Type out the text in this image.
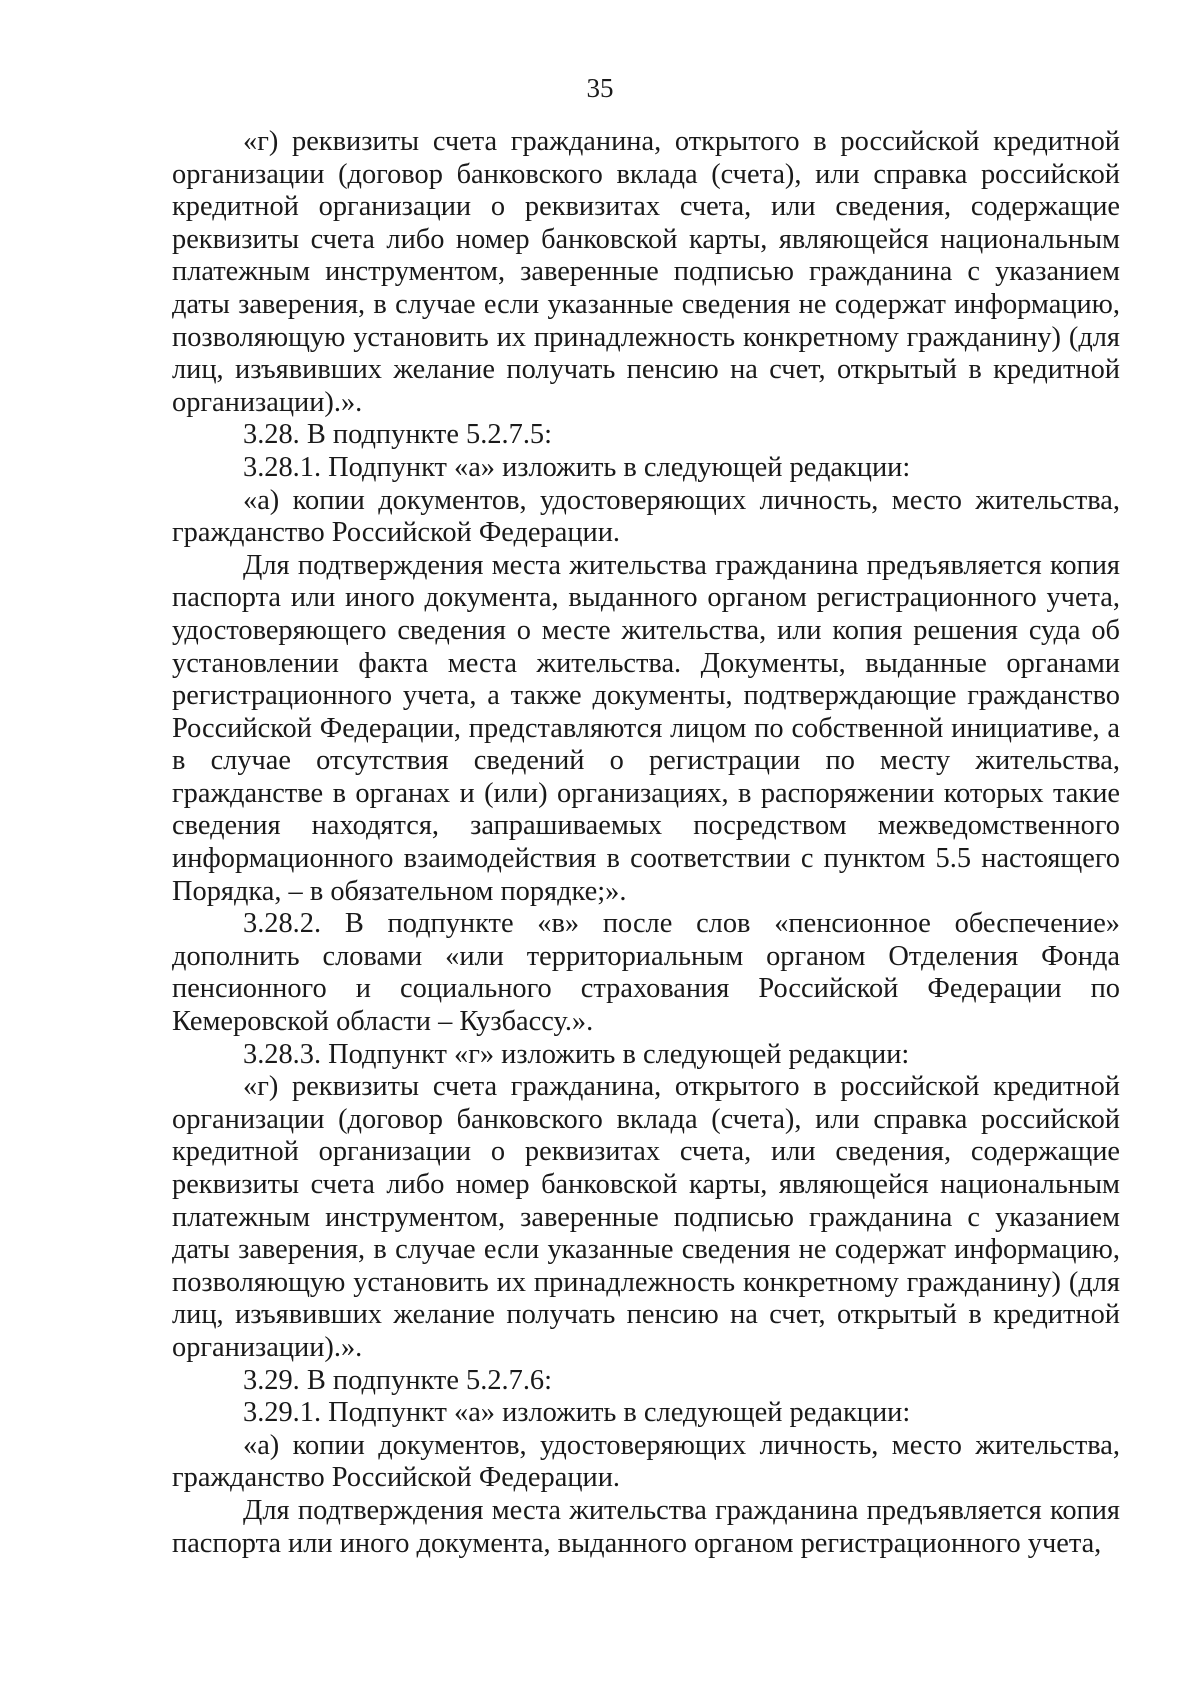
35

«г) реквизиты счета гражданина, открытого в российской кредитной организации (договор банковского вклада (счета), или справка российской кредитной организации о реквизитах счета, или сведения, содержащие реквизиты счета либо номер банковской карты, являющейся национальным платежным инструментом, заверенные подписью гражданина с указанием даты заверения, в случае если указанные сведения не содержат информацию, позволяющую установить их принадлежность конкретному гражданину) (для лиц, изъявивших желание получать пенсию на счет, открытый в кредитной организации).».

3.28. В подпункте 5.2.7.5:

3.28.1. Подпункт «а» изложить в следующей редакции:

«а) копии документов, удостоверяющих личность, место жительства, гражданство Российской Федерации.

Для подтверждения места жительства гражданина предъявляется копия паспорта или иного документа, выданного органом регистрационного учета, удостоверяющего сведения о месте жительства, или копия решения суда об установлении факта места жительства. Документы, выданные органами регистрационного учета, а также документы, подтверждающие гражданство Российской Федерации, представляются лицом по собственной инициативе, а в случае отсутствия сведений о регистрации по месту жительства, гражданстве в органах и (или) организациях, в распоряжении которых такие сведения находятся, запрашиваемых посредством межведомственного информационного взаимодействия в соответствии с пунктом 5.5 настоящего Порядка, – в обязательном порядке;».

3.28.2. В подпункте «в» после слов «пенсионное обеспечение» дополнить словами «или территориальным органом Отделения Фонда пенсионного и социального страхования Российской Федерации по Кемеровской области – Кузбассу.».

3.28.3. Подпункт «г» изложить в следующей редакции:

«г) реквизиты счета гражданина, открытого в российской кредитной организации (договор банковского вклада (счета), или справка российской кредитной организации о реквизитах счета, или сведения, содержащие реквизиты счета либо номер банковской карты, являющейся национальным платежным инструментом, заверенные подписью гражданина с указанием даты заверения, в случае если указанные сведения не содержат информацию, позволяющую установить их принадлежность конкретному гражданину) (для лиц, изъявивших желание получать пенсию на счет, открытый в кредитной организации).».

3.29. В подпункте 5.2.7.6:

3.29.1. Подпункт «а» изложить в следующей редакции:

«а) копии документов, удостоверяющих личность, место жительства, гражданство Российской Федерации.

Для подтверждения места жительства гражданина предъявляется копия паспорта или иного документа, выданного органом регистрационного учета,
